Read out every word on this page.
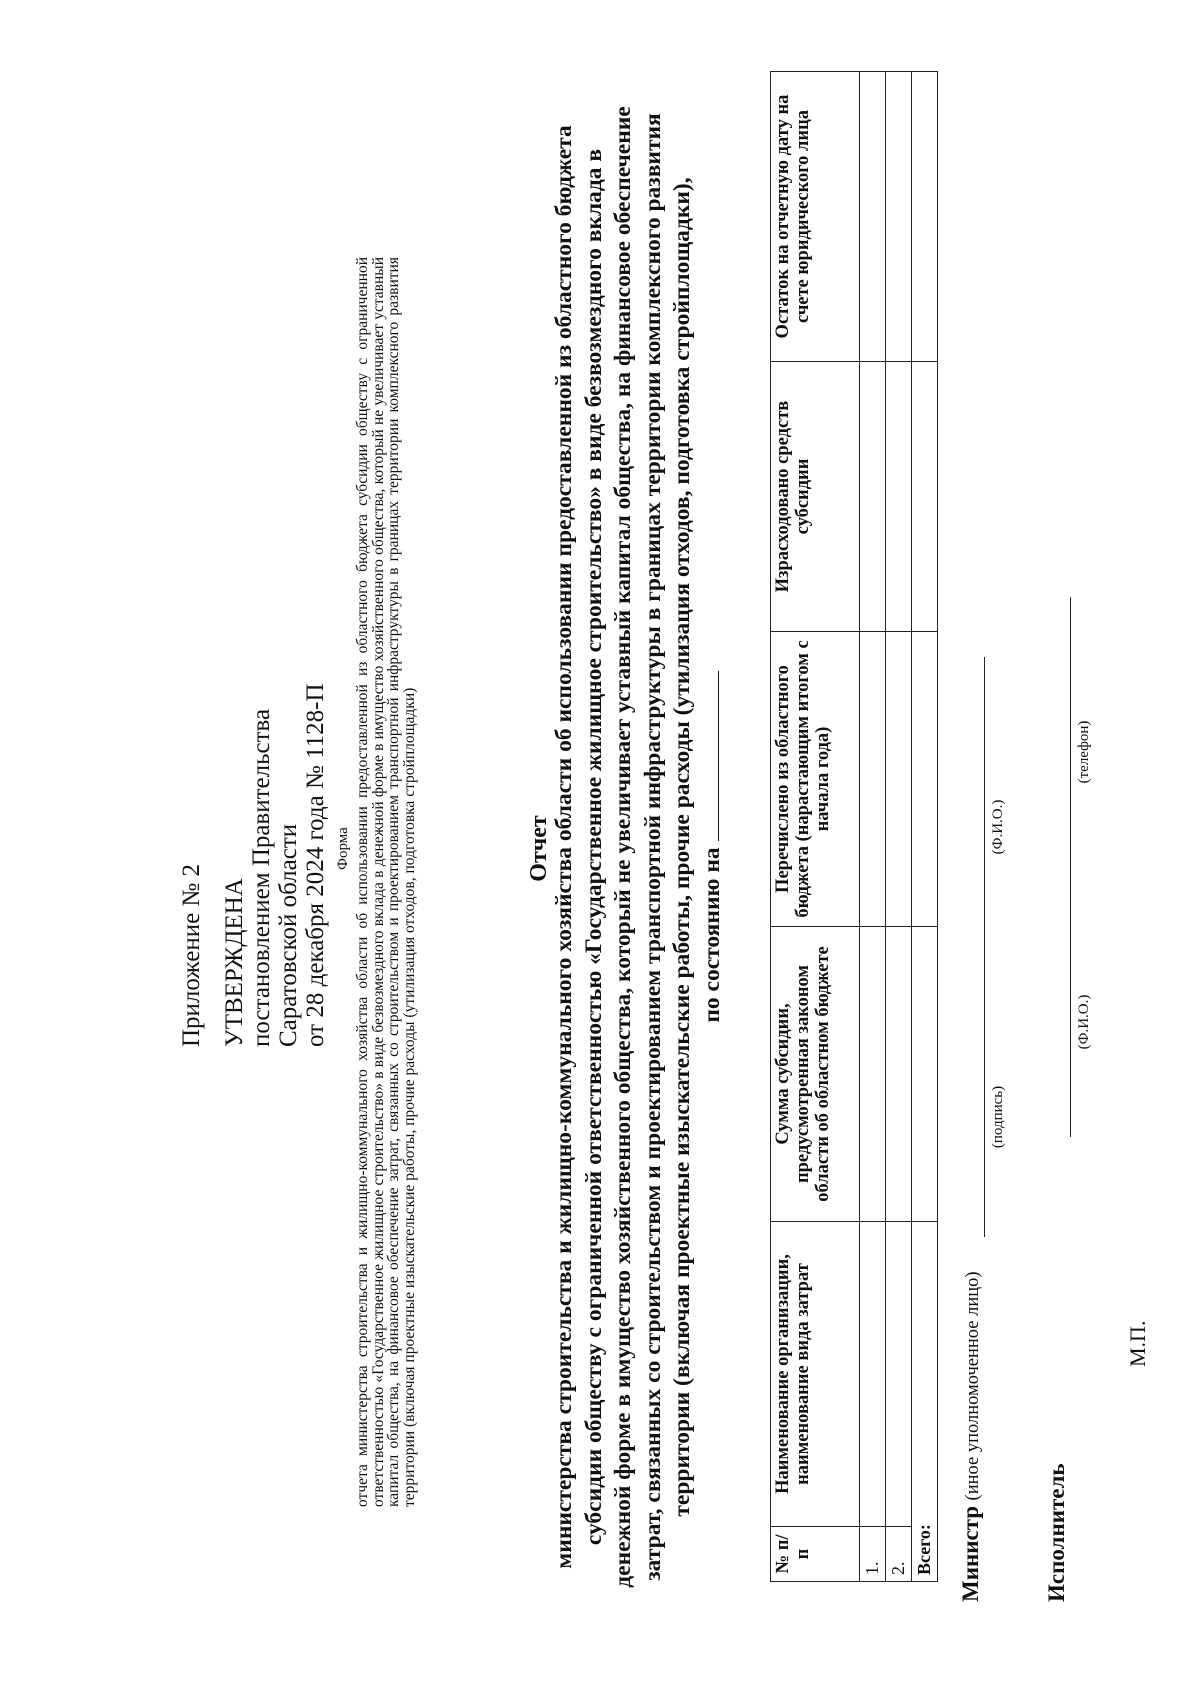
Приложение № 2 УТВЕРЖДЕНА постановлением Правительства Саратовской области от 28 декабря 2024 года № 1128-П Форма отчета министерства строительства и жилищно-коммунального хозяйства области об использовании предоставленной из областного бюджета субсидии обществу с ограниченной ответственностью «Государственное жилищное строительство» в виде безвозмездного вклада в денежной форме в имущество хозяйственного общества, который не увеличивает уставный капитал общества, на финансовое обеспечение затрат, связанных со строительством и проектированием транспортной инфраструктуры в границах территории комплексного развития территории (включая проектные изыскательские работы, прочие расходы (утилизация отходов, подготовка стройплощадки)	Отчет министерства строительства и жилищно-коммунального хозяйства области об использовании предоставленной из областного бюджета субсидии обществу с ограниченной ответственностью «Государственное жилищное строительство» в виде безвозмездного вклада в денежной форме в имущество хозяйственного общества, который не увеличивает уставный капитал общества, на финансовое обеспечение затрат, связанных со строительством и проектированием транспортной инфраструктуры в границах территории комплексного развития территории (включая проектные изыскательские работы, прочие расходы (утилизация отходов, подготовка стройплощадки), по состоянию на
№ п/п	Наименование организации, наименование вида затрат	Сумма субсидии, предусмотренная законом области об областном бюджете	Перечислено из областного бюджета (нарастающим итогом с начала года)	Израсходовано средств субсидии	Остаток на отчетную дату на счете юридического лица
1.					
2.					
Всего:					Министр (иное уполномоченное лицо)
(подпись)
(Ф.И.О.)
Исполнитель
(Ф.И.О.)
(телефон)
М.П.
